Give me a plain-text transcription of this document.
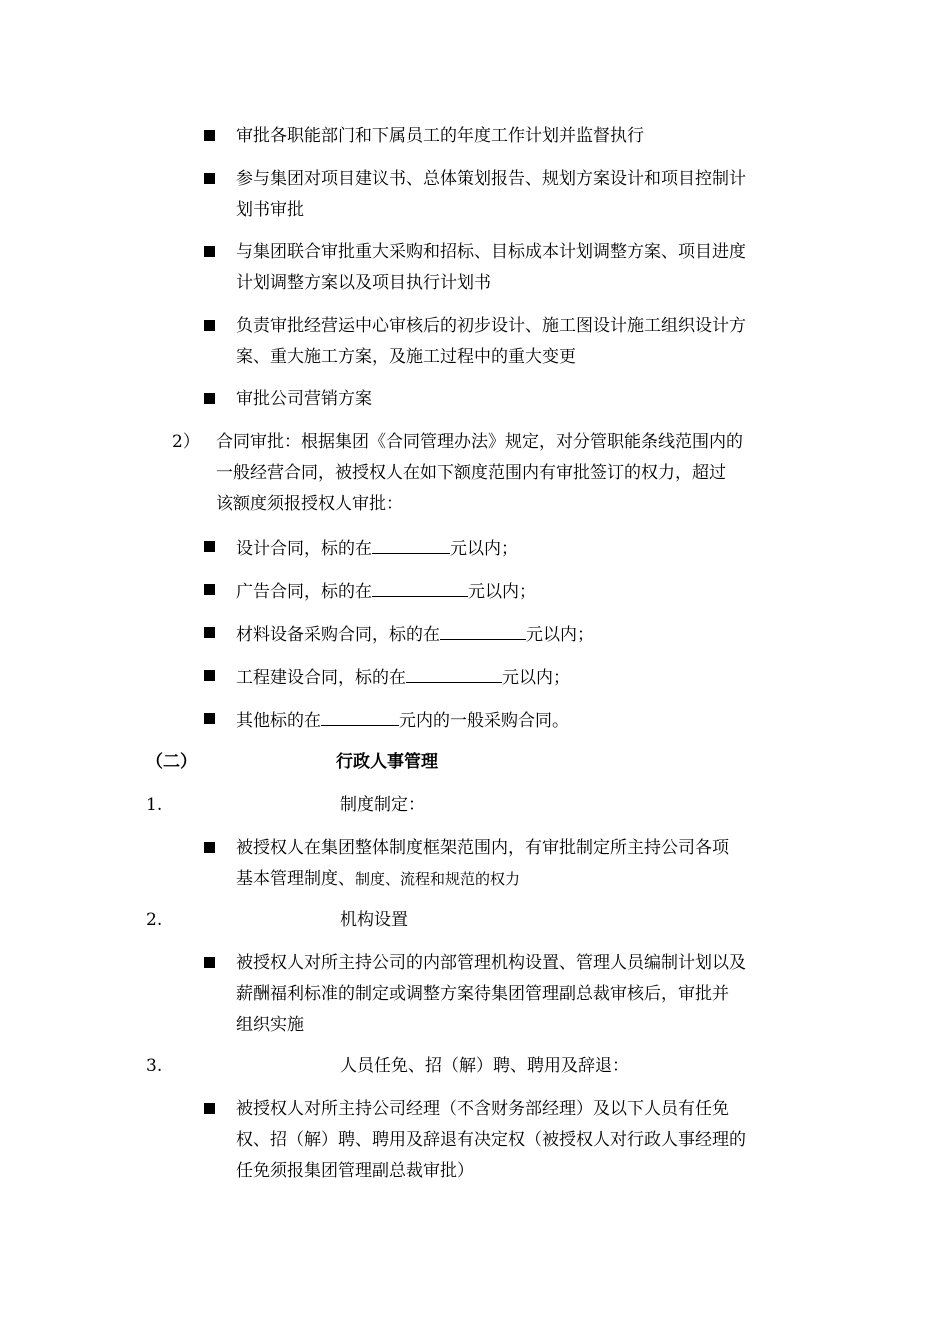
审批各职能部门和下属员工的年度工作计划并监督执行
参与集团对项目建议书、总体策划报告、规划方案设计和项目控制计
划书审批
与集团联合审批重大采购和招标、目标成本计划调整方案、项目进度
计划调整方案以及项目执行计划书
负责审批经营运中心审核后的初步设计、施工图设计施工组织设计方
案、重大施工方案，及施工过程中的重大变更
审批公司营销方案
2） 合同审批：根据集团《合同管理办法》规定，对分管职能条线范围内的
一般经营合同，被授权人在如下额度范围内有审批签订的权力，超过
该额度须报授权人审批：
设计合同，标的在	元以内；
广告合同，标的在	元以内；
材料设备采购合同，标的在	元以内；
工程建设合同，标的在	元以内；
其他标的在	元内的一般采购合同。
（二）	行政人事管理
1.	制度制定：
被授权人在集团整体制度框架范围内，有审批制定所主持公司各项
基本管理制度、制度、流程和规范的权力
2.	机构设置
被授权人对所主持公司的内部管理机构设置、管理人员编制计划以及
薪酬福利标准的制定或调整方案待集团管理副总裁审核后，审批并
组织实施
3.	人员任免、招（解）聘、聘用及辞退：
被授权人对所主持公司经理（不含财务部经理）及以下人员有任免
权、招（解）聘、聘用及辞退有决定权（被授权人对行政人事经理的
任免须报集团管理副总裁审批）
